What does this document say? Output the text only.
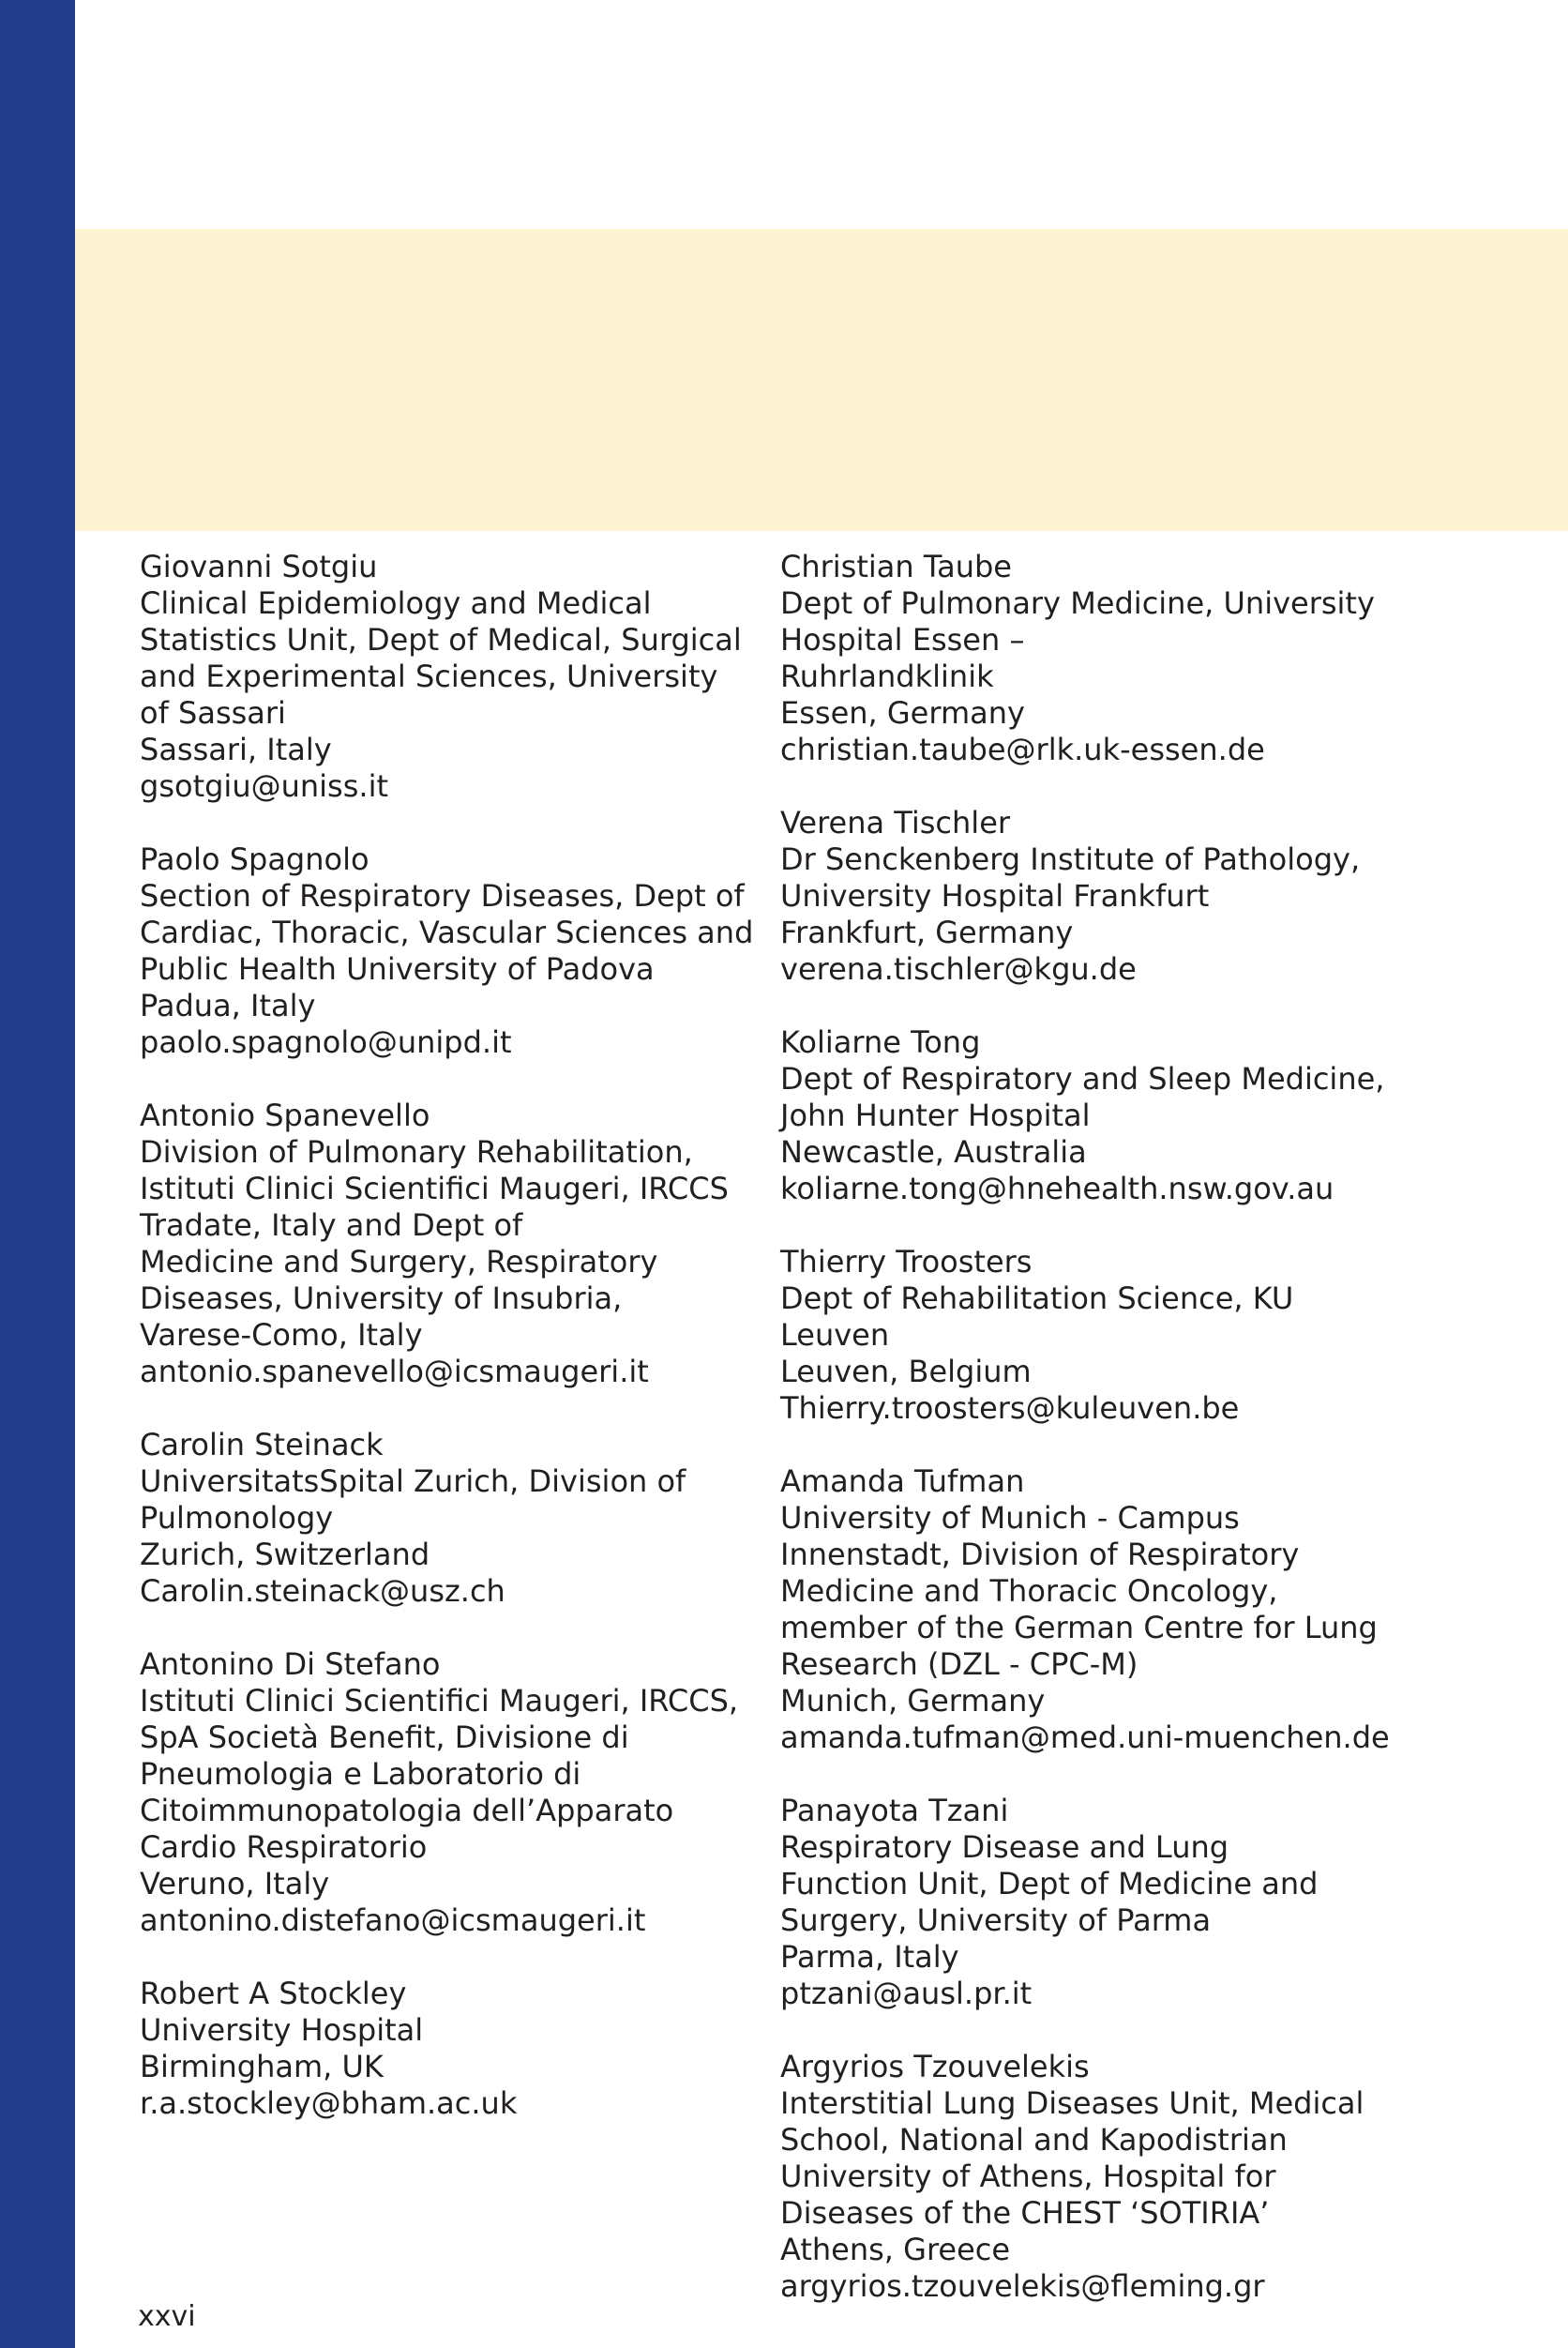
Giovanni Sotgiu
Clinical Epidemiology and Medical
Statistics Unit, Dept of Medical, Surgical
and Experimental Sciences, University
of Sassari
Sassari, Italy
gsotgiu@uniss.it
Paolo Spagnolo
Section of Respiratory Diseases, Dept of
Cardiac, Thoracic, Vascular Sciences and
Public Health University of Padova
Padua, Italy
paolo.spagnolo@unipd.it
Antonio Spanevello
Division of Pulmonary Rehabilitation,
Istituti Clinici Scientifici Maugeri, IRCCS
Tradate, Italy and Dept of
Medicine and Surgery, Respiratory
Diseases, University of Insubria,
Varese-Como, Italy
antonio.spanevello@icsmaugeri.it
Carolin Steinack
UniversitatsSpital Zurich, Division of
Pulmonology
Zurich, Switzerland
Carolin.steinack@usz.ch
Antonino Di Stefano
Istituti Clinici Scientifici Maugeri, IRCCS,
SpA Società Benefit, Divisione di
Pneumologia e Laboratorio di
Citoimmunopatologia dell’Apparato
Cardio Respiratorio
Veruno, Italy
antonino.distefano@icsmaugeri.it
Robert A Stockley
University Hospital
Birmingham, UK
r.a.stockley@bham.ac.uk
Christian Taube
Dept of Pulmonary Medicine, University
Hospital Essen –
Ruhrlandklinik
Essen, Germany
christian.taube@rlk.uk-essen.de
Verena Tischler
Dr Senckenberg Institute of Pathology,
University Hospital Frankfurt
Frankfurt, Germany
verena.tischler@kgu.de
Koliarne Tong
Dept of Respiratory and Sleep Medicine,
John Hunter Hospital
Newcastle, Australia
koliarne.tong@hnehealth.nsw.gov.au
Thierry Troosters
Dept of Rehabilitation Science, KU
Leuven
Leuven, Belgium
Thierry.troosters@kuleuven.be
Amanda Tufman
University of Munich - Campus
Innenstadt, Division of Respiratory
Medicine and Thoracic Oncology,
member of the German Centre for Lung
Research (DZL - CPC-M)
Munich, Germany
amanda.tufman@med.uni-muenchen.de
Panayota Tzani
Respiratory Disease and Lung
Function Unit, Dept of Medicine and
Surgery, University of Parma
Parma, Italy
ptzani@ausl.pr.it
Argyrios Tzouvelekis
Interstitial Lung Diseases Unit, Medical
School, National and Kapodistrian
University of Athens, Hospital for
Diseases of the CHEST ‘SOTIRIA’
Athens, Greece
argyrios.tzouvelekis@fleming.gr
xxvi
